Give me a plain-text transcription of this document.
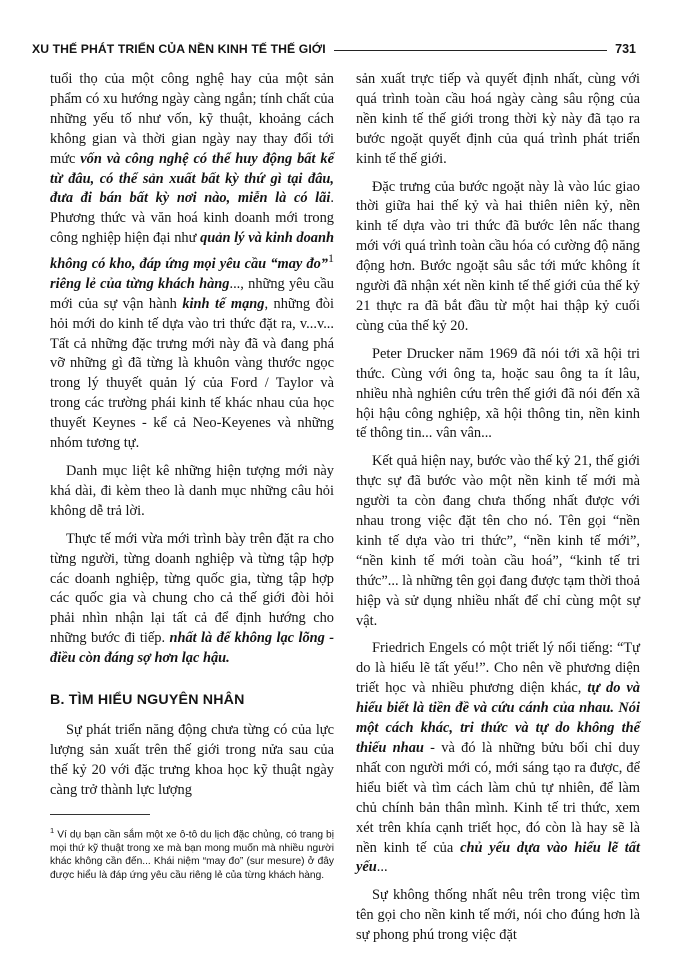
XU THẾ PHÁT TRIỂN CỦA NỀN KINH TẾ THẾ GIỚI	731

tuổi thọ của một công nghệ hay của một sản phẩm có xu hướng ngày càng ngắn; tính chất của những yếu tố như vốn, kỹ thuật, khoảng cách không gian và thời gian ngày nay thay đổi tới mức vốn và công nghệ có thể huy động bất kể từ đâu, có thể sản xuất bất kỳ thứ gì tại đâu, đưa đi bán bất kỳ nơi nào, miễn là có lãi. Phương thức và văn hoá kinh doanh mới trong công nghiệp hiện đại như quản lý và kinh doanh không có kho, đáp ứng mọi yêu cầu “may đo”$^1$ riêng lẻ của từng khách hàng..., những yêu cầu mới của sự vận hành kinh tế mạng, những đòi hỏi mới do kinh tế dựa vào tri thức đặt ra, v...v... Tất cả những đặc trưng mới này đã và đang phá vỡ những gì đã từng là khuôn vàng thước ngọc trong lý thuyết quản lý của Ford / Taylor và trong các trường phái kinh tế khác nhau của học thuyết Keynes - kể cả Neo-Keyenes và những nhóm tương tự.

Danh mục liệt kê những hiện tượng mới này khá dài, đi kèm theo là danh mục những câu hỏi không dễ trả lời.

Thực tế mới vừa mới trình bày trên đặt ra cho từng người, từng doanh nghiệp và từng tập hợp các doanh nghiệp, từng quốc gia, từng tập hợp các quốc gia và chung cho cả thế giới đòi hỏi phải nhìn nhận lại tất cả để định hướng cho những bước đi tiếp. nhất là để không lạc lõng - điều còn đáng sợ hơn lạc hậu.

B. TÌM HIỂU NGUYÊN NHÂN

Sự phát triển năng động chưa từng có của lực lượng sản xuất trên thế giới trong nửa sau của thế kỷ 20 với đặc trưng khoa học kỹ thuật ngày càng trở thành lực lượng

$^1$ Ví dụ bạn cần sắm một xe ô-tô du lịch đặc chủng, có trang bị mọi thứ kỹ thuật trong xe mà bạn mong muốn mà nhiều người khác không cần đến... Khái niệm “may đo” (sur mesure) ở đây được hiểu là đáp ứng yêu cầu riêng lẻ của từng khách hàng.

sản xuất trực tiếp và quyết định nhất, cùng với quá trình toàn cầu hoá ngày càng sâu rộng của nền kinh tế thế giới trong thời kỳ này đã tạo ra bước ngoặt quyết định của quá trình phát triển kinh tế thế giới.

Đặc trưng của bước ngoặt này là vào lúc giao thời giữa hai thế kỷ và hai thiên niên kỷ, nền kinh tế dựa vào tri thức đã bước lên nấc thang mới với quá trình toàn cầu hóa có cường độ năng động hơn. Bước ngoặt sâu sắc tới mức không ít người đã nhận xét nền kinh tế thế giới của thế kỷ 21 thực ra đã bắt đầu từ một hai thập kỷ cuối cùng của thế kỷ 20.

Peter Drucker năm 1969 đã nói tới xã hội tri thức. Cùng với ông ta, hoặc sau ông ta ít lâu, nhiều nhà nghiên cứu trên thế giới đã nói đến xã hội hậu công nghiệp, xã hội thông tin, nền kinh tế thông tin... vân vân...

Kết quả hiện nay, bước vào thế kỷ 21, thế giới thực sự đã bước vào một nền kinh tế mới mà người ta còn đang chưa thống nhất được với nhau trong việc đặt tên cho nó. Tên gọi “nền kinh tế dựa vào tri thức”, “nền kinh tế mới”, “nền kinh tế mới toàn cầu hoá”, “kinh tế tri thức”... là những tên gọi đang được tạm thời thoả hiệp và sử dụng nhiều nhất để chỉ cùng một sự vật.

Friedrich Engels có một triết lý nổi tiếng: “Tự do là hiểu lẽ tất yếu!”. Cho nên về phương diện triết học và nhiều phương diện khác, tự do và hiểu biết là tiền đề và cứu cánh của nhau. Nói một cách khác, tri thức và tự do không thể thiếu nhau - và đó là những bửu bối chỉ duy nhất con người mới có, mới sáng tạo ra được, để hiểu biết và tìm cách làm chủ tự nhiên, để làm chủ chính bản thân mình. Kinh tế tri thức, xem xét trên khía cạnh triết học, đó còn là hay sẽ là nền kinh tế của chủ yếu dựa vào hiểu lẽ tất yếu...

Sự không thống nhất nêu trên trong việc tìm tên gọi cho nền kinh tế mới, nói cho đúng hơn là sự phong phú trong việc đặt
